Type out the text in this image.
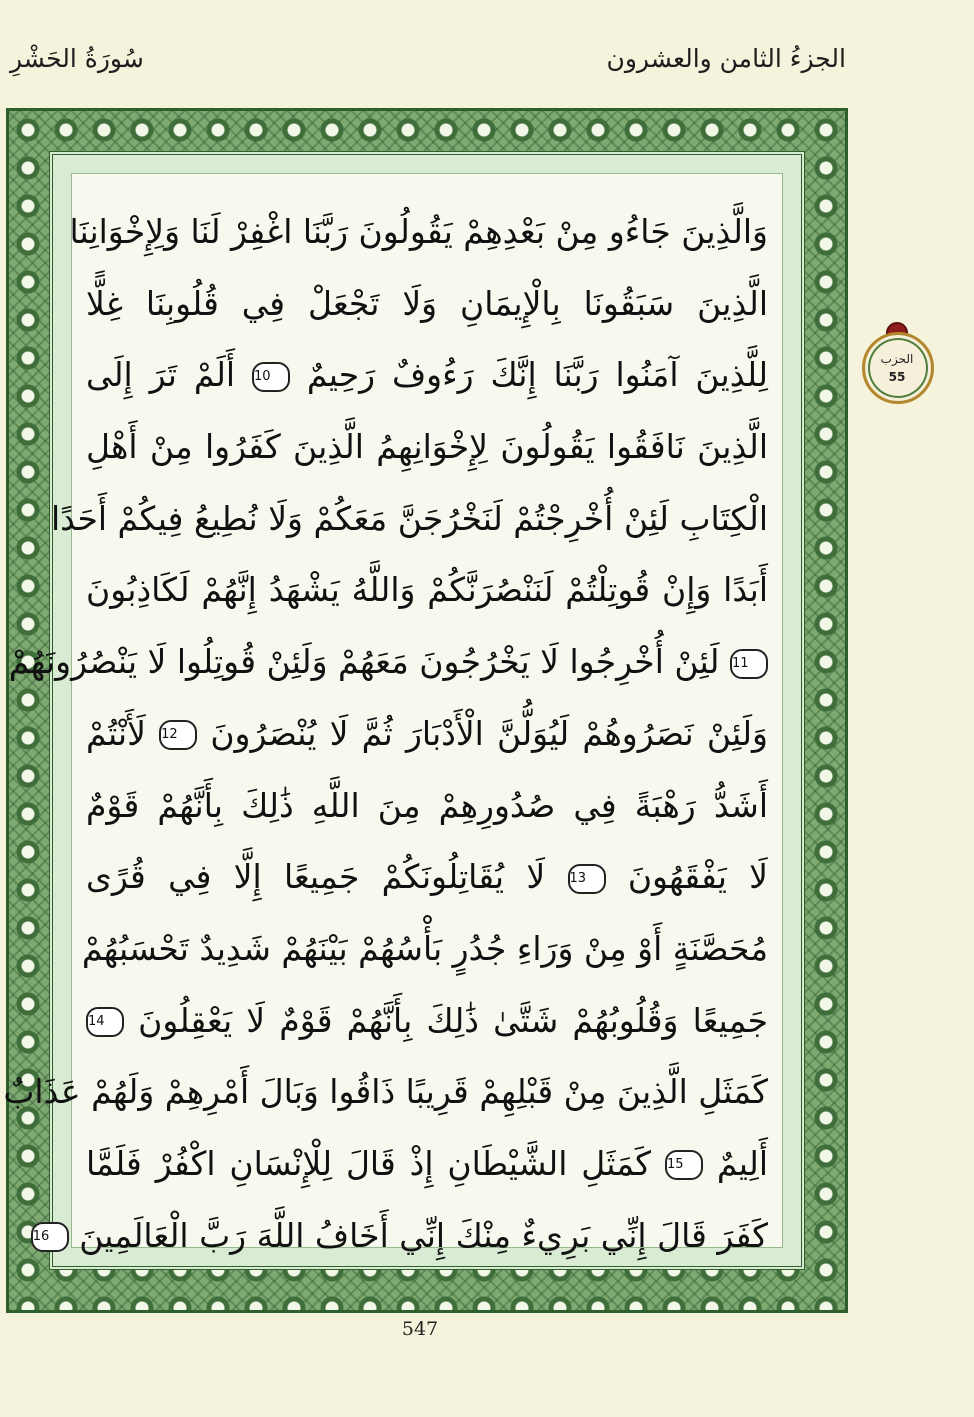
الجزءُ الثامن والعشرون
سُورَةُ الحَشْرِ
وَالَّذِينَ جَاءُو مِنْ بَعْدِهِمْ يَقُولُونَ رَبَّنَا اغْفِرْ لَنَا وَلِإِخْوَانِنَا
الَّذِينَ سَبَقُونَا بِالْإِيمَانِ وَلَا تَجْعَلْ فِي قُلُوبِنَا غِلًّا
لِلَّذِينَ آمَنُوا رَبَّنَا إِنَّكَ رَءُوفٌ رَحِيمٌ 10 أَلَمْ تَرَ إِلَى
الَّذِينَ نَافَقُوا يَقُولُونَ لِإِخْوَانِهِمُ الَّذِينَ كَفَرُوا مِنْ أَهْلِ
الْكِتَابِ لَئِنْ أُخْرِجْتُمْ لَنَخْرُجَنَّ مَعَكُمْ وَلَا نُطِيعُ فِيكُمْ أَحَدًا
أَبَدًا وَإِنْ قُوتِلْتُمْ لَنَنْصُرَنَّكُمْ وَاللَّهُ يَشْهَدُ إِنَّهُمْ لَكَاذِبُونَ
11 لَئِنْ أُخْرِجُوا لَا يَخْرُجُونَ مَعَهُمْ وَلَئِنْ قُوتِلُوا لَا يَنْصُرُونَهُمْ
وَلَئِنْ نَصَرُوهُمْ لَيُوَلُّنَّ الْأَدْبَارَ ثُمَّ لَا يُنْصَرُونَ 12 لَأَنْتُمْ
أَشَدُّ رَهْبَةً فِي صُدُورِهِمْ مِنَ اللَّهِ ذَٰلِكَ بِأَنَّهُمْ قَوْمٌ
لَا يَفْقَهُونَ 13 لَا يُقَاتِلُونَكُمْ جَمِيعًا إِلَّا فِي قُرًى
مُحَصَّنَةٍ أَوْ مِنْ وَرَاءِ جُدُرٍ بَأْسُهُمْ بَيْنَهُمْ شَدِيدٌ تَحْسَبُهُمْ
جَمِيعًا وَقُلُوبُهُمْ شَتَّىٰ ذَٰلِكَ بِأَنَّهُمْ قَوْمٌ لَا يَعْقِلُونَ 14
كَمَثَلِ الَّذِينَ مِنْ قَبْلِهِمْ قَرِيبًا ذَاقُوا وَبَالَ أَمْرِهِمْ وَلَهُمْ عَذَابٌ
أَلِيمٌ 15 كَمَثَلِ الشَّيْطَانِ إِذْ قَالَ لِلْإِنْسَانِ اكْفُرْ فَلَمَّا
كَفَرَ قَالَ إِنِّي بَرِيءٌ مِنْكَ إِنِّي أَخَافُ اللَّهَ رَبَّ الْعَالَمِينَ 16
الحزب
55
547
